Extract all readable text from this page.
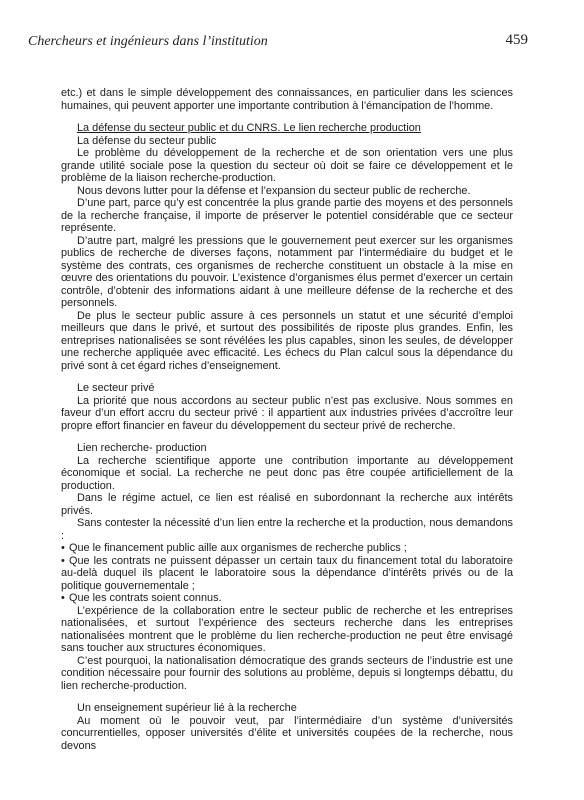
Chercheurs et ingénieurs dans l’institution	459

etc.) et dans le simple développement des connaissances, en particulier dans les sciences humaines, qui peuvent apporter une importante contribution à l’émancipation de l’homme.

La défense du secteur public et du CNRS. Le lien recherche production

La défense du secteur public

Le problème du développement de la recherche et de son orientation vers une plus grande utilité sociale pose la question du secteur où doit se faire ce développement et le problème de la liaison recherche-production.

Nous devons lutter pour la défense et l’expansion du secteur public de recherche.

D’une part, parce qu’y est concentrée la plus grande partie des moyens et des personnels de la recherche française, il importe de préserver le potentiel considérable que ce secteur représente.

D’autre part, malgré les pressions que le gouvernement peut exercer sur les organismes publics de recherche de diverses façons, notamment par l’intermédiaire du budget et le système des contrats, ces organismes de recherche constituent un obstacle à la mise en œuvre des orientations du pouvoir. L’existence d’organismes élus permet d’exercer un certain contrôle, d’obtenir des informations aidant à une meilleure défense de la recherche et des personnels.

De plus le secteur public assure à ces personnels un statut et une sécurité d’emploi meilleurs que dans le privé, et surtout des possibilités de riposte plus grandes. Enfin, les entreprises nationalisées se sont révélées les plus capables, sinon les seules, de développer une recherche appliquée avec efficacité. Les échecs du Plan calcul sous la dépendance du privé sont à cet égard riches d’enseignement.

Le secteur privé

La priorité que nous accordons au secteur public n’est pas exclusive. Nous sommes en faveur d’un effort accru du secteur privé : il appartient aux industries privées d’accroître leur propre effort financier en faveur du développement du secteur privé de recherche.

Lien recherche- production

La recherche scientifique apporte une contribution importante au développement économique et social. La recherche ne peut donc pas être coupée artificiellement de la production.

Dans le régime actuel, ce lien est réalisé en subordonnant la recherche aux intérêts privés.

Sans contester la nécessité d’un lien entre la recherche et la production, nous demandons :

• Que le financement public aille aux organismes de recherche publics ;

• Que les contrats ne puissent dépasser un certain taux du financement total du laboratoire au-delà duquel ils placent le laboratoire sous la dépendance d’intérêts privés ou de la politique gouvernementale ;

• Que les contrats soient connus.

L’expérience de la collaboration entre le secteur public de recherche et les entreprises nationalisées, et surtout l’expérience des secteurs recherche dans les entreprises nationalisées montrent que le problème du lien recherche-production ne peut être envisagé sans toucher aux structures économiques.

C’est pourquoi, la nationalisation démocratique des grands secteurs de l’industrie est une condition nécessaire pour fournir des solutions au problème, depuis si longtemps débattu, du lien recherche-production.

Un enseignement supérieur lié à la recherche

Au moment où le pouvoir veut, par l’intermédiaire d’un système d’universités concurrentielles, opposer universités d’élite et universités coupées de la recherche, nous devons
